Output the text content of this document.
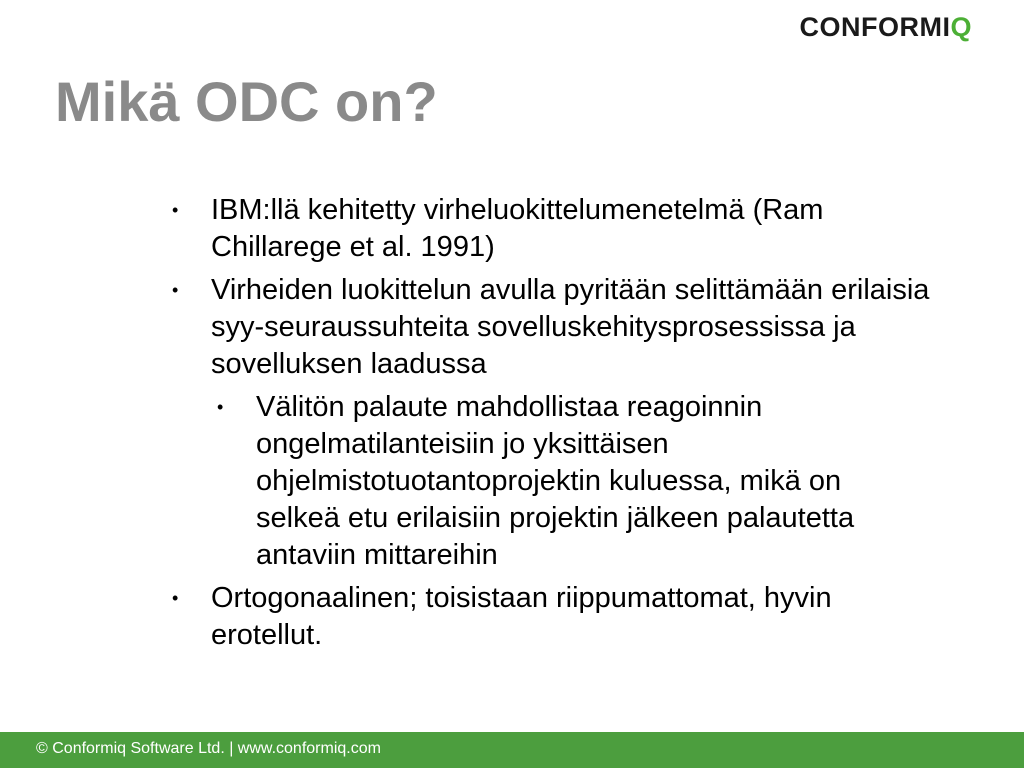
CONFORMIQ
Mikä ODC on?
•	IBM:llä kehitetty virheluokittelumenetelmä (Ram Chillarege et al. 1991)
•	Virheiden luokittelun avulla pyritään selittämään erilaisia syy-seuraussuhteita sovelluskehitysprosessissa ja sovelluksen laadussa
•	Välitön palaute mahdollistaa reagoinnin ongelmatilanteisiin jo yksittäisen ohjelmistotuotantoprojektin kuluessa, mikä on selkeä etu erilaisiin projektin jälkeen palautetta antaviin mittareihin
•	Ortogonaalinen; toisistaan riippumattomat, hyvin erotellut.
© Conformiq Software Ltd. | www.conformiq.com
